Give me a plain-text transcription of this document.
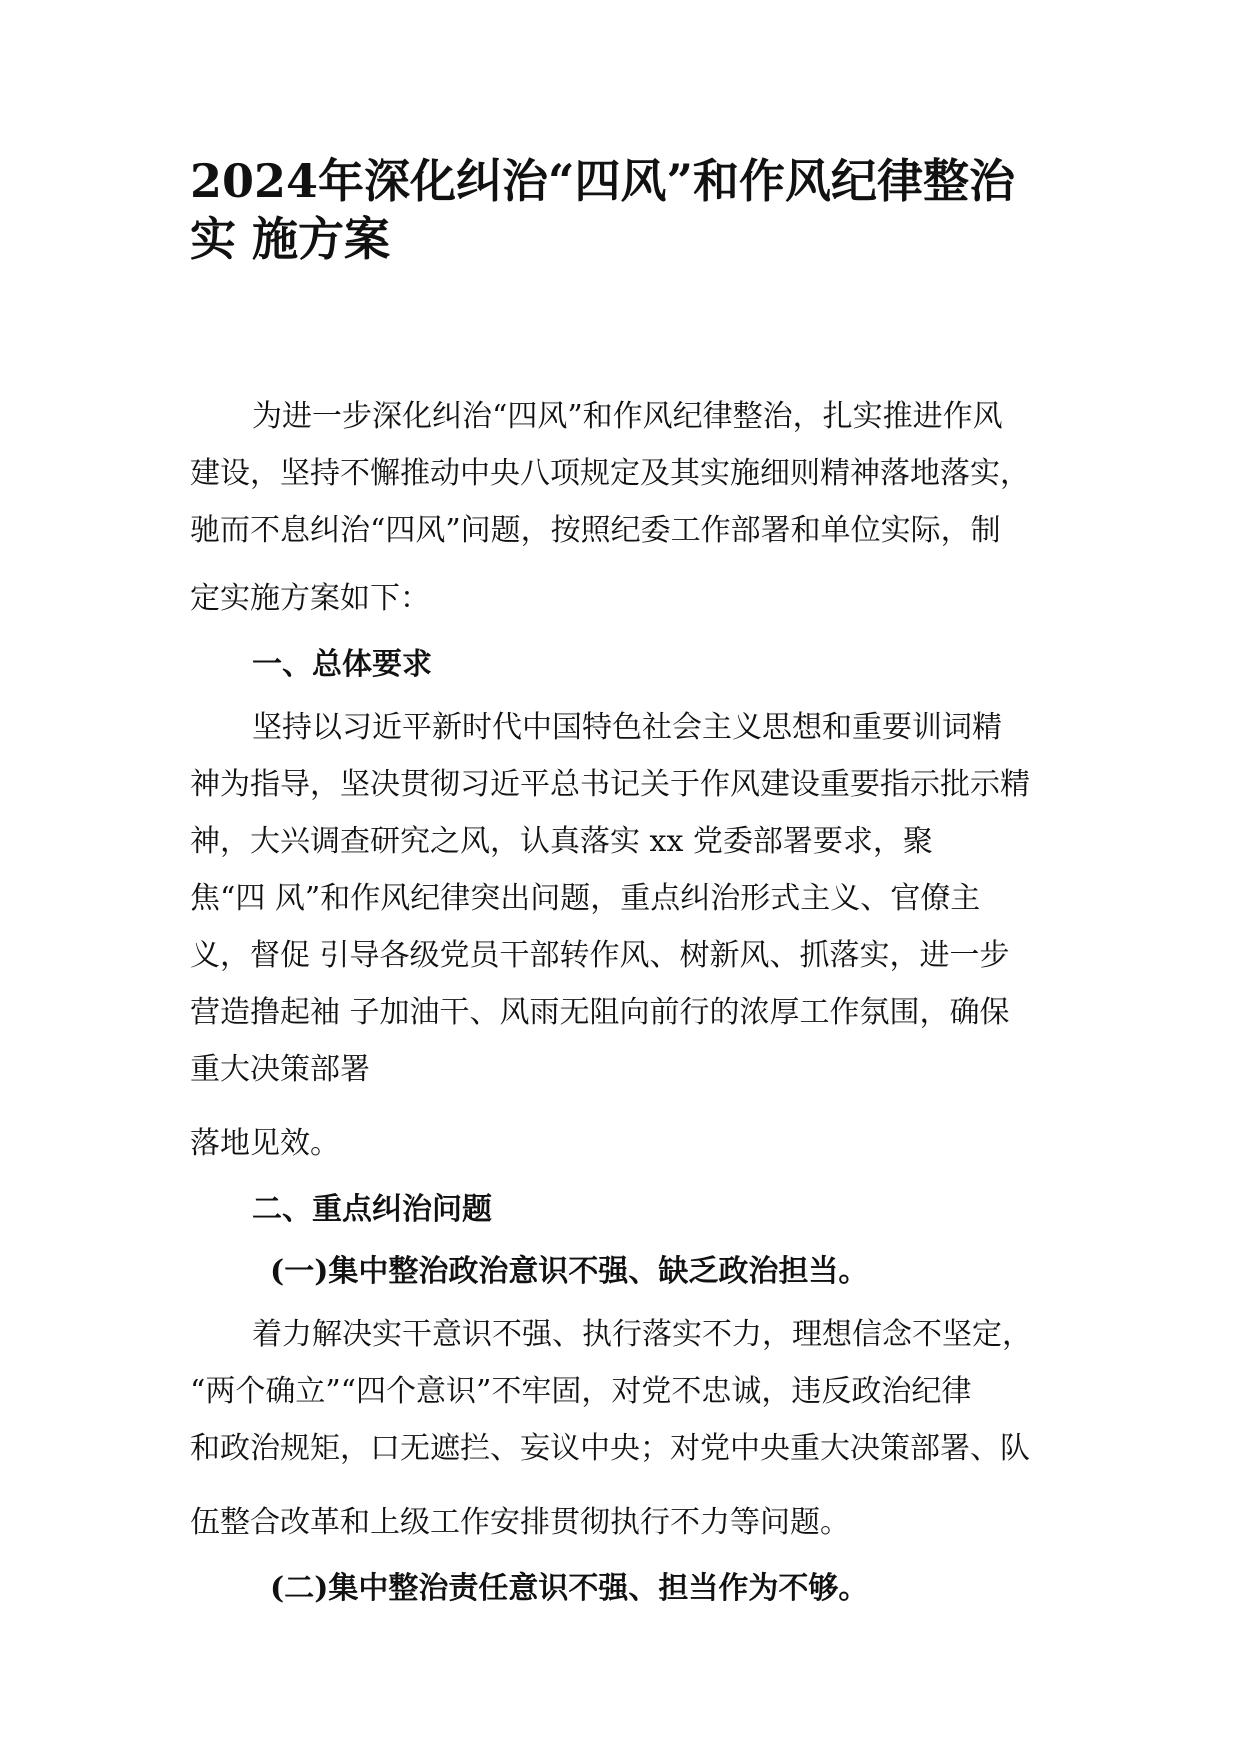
2024年深化纠治“四风”和作风纪律整治
实 施方案

为进一步深化纠治“四风”和作风纪律整治，扎实推进作风

建设，坚持不懈推动中央八项规定及其实施细则精神落地落实，

驰而不息纠治“四风”问题，按照纪委工作部署和单位实际，制

定实施方案如下：

一、总体要求

坚持以习近平新时代中国特色社会主义思想和重要训词精

神为指导，坚决贯彻习近平总书记关于作风建设重要指示批示精

神，大兴调查研究之风，认真落实 xx 党委部署要求，聚

焦“四 风”和作风纪律突出问题，重点纠治形式主义、官僚主

义，督促 引导各级党员干部转作风、树新风、抓落实，进一步

营造撸起袖 子加油干、风雨无阻向前行的浓厚工作氛围，确保

重大决策部署

落地见效。

二、重点纠治问题

(一)集中整治政治意识不强、缺乏政治担当。

着力解决实干意识不强、执行落实不力，理想信念不坚定，

“两个确立”“四个意识”不牢固，对党不忠诚，违反政治纪律

和政治规矩，口无遮拦、妄议中央；对党中央重大决策部署、队

伍整合改革和上级工作安排贯彻执行不力等问题。

(二)集中整治责任意识不强、担当作为不够。
